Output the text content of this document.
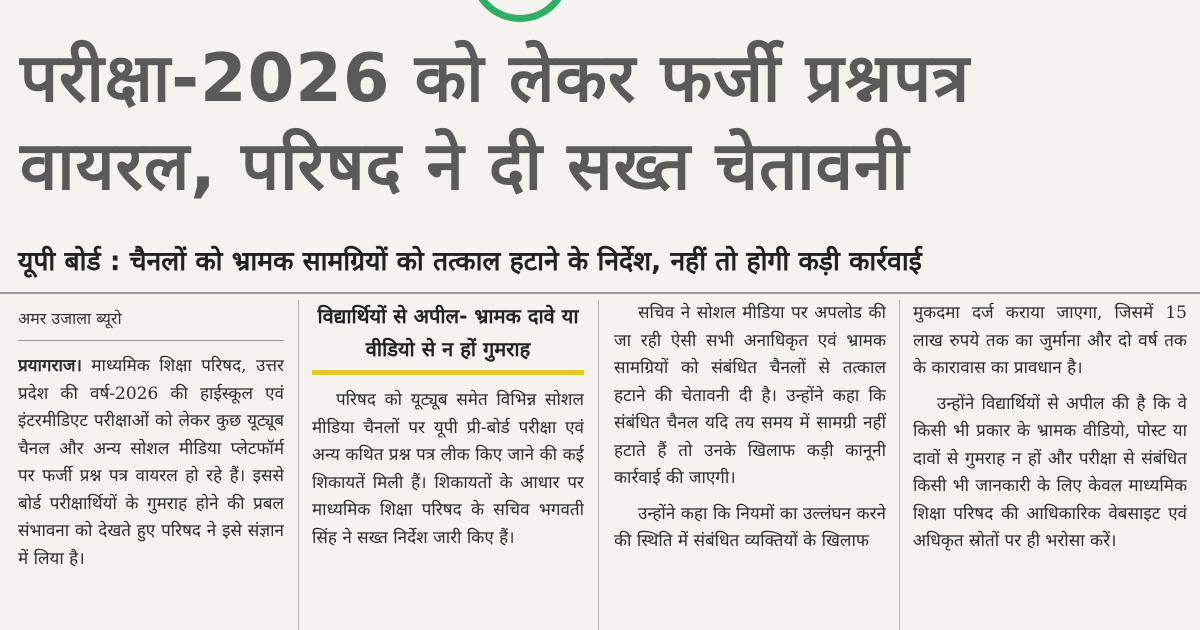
परीक्षा-2026 को लेकर फर्जी प्रश्नपत्र
वायरल, परिषद ने दी सख्त चेतावनी
यूपी बोर्ड : चैनलों को भ्रामक सामग्रियों को तत्काल हटाने के निर्देश, नहीं तो होगी कड़ी कार्रवाई
अमर उजाला ब्यूरो

प्रयागराज। माध्यमिक शिक्षा परिषद, उत्तर प्रदेश की वर्ष-2026 की हाईस्कूल एवं इंटरमीडिएट परीक्षाओं को लेकर कुछ यूट्यूब चैनल और अन्य सोशल मीडिया प्लेटफॉर्म पर फर्जी प्रश्न पत्र वायरल हो रहे हैं। इससे बोर्ड परीक्षार्थियों के गुमराह होने की प्रबल संभावना को देखते हुए परिषद ने इसे संज्ञान में लिया है।

विद्यार्थियों से अपील- भ्रामक दावे या वीडियो से न हों गुमराह

परिषद को यूट्यूब समेत विभिन्न सोशल मीडिया चैनलों पर यूपी प्री-बोर्ड परीक्षा एवं अन्य कथित प्रश्न पत्र लीक किए जाने की कई शिकायतें मिली हैं। शिकायतों के आधार पर माध्यमिक शिक्षा परिषद के सचिव भगवती सिंह ने सख्त निर्देश जारी किए हैं।

सचिव ने सोशल मीडिया पर अपलोड की जा रही ऐसी सभी अनाधिकृत एवं भ्रामक सामग्रियों को संबंधित चैनलों से तत्काल हटाने की चेतावनी दी है। उन्होंने कहा कि संबंधित चैनल यदि तय समय में सामग्री नहीं हटाते हैं तो उनके खिलाफ कड़ी कानूनी कार्रवाई की जाएगी।

उन्होंने कहा कि नियमों का उल्लंघन करने की स्थिति में संबंधित व्यक्तियों के खिलाफ

मुकदमा दर्ज कराया जाएगा, जिसमें 15 लाख रुपये तक का जुर्माना और दो वर्ष तक के कारावास का प्रावधान है।

उन्होंने विद्यार्थियों से अपील की है कि वे किसी भी प्रकार के भ्रामक वीडियो, पोस्ट या दावों से गुमराह न हों और परीक्षा से संबंधित किसी भी जानकारी के लिए केवल माध्यमिक शिक्षा परिषद की आधिकारिक वेबसाइट एवं अधिकृत स्रोतों पर ही भरोसा करें।
